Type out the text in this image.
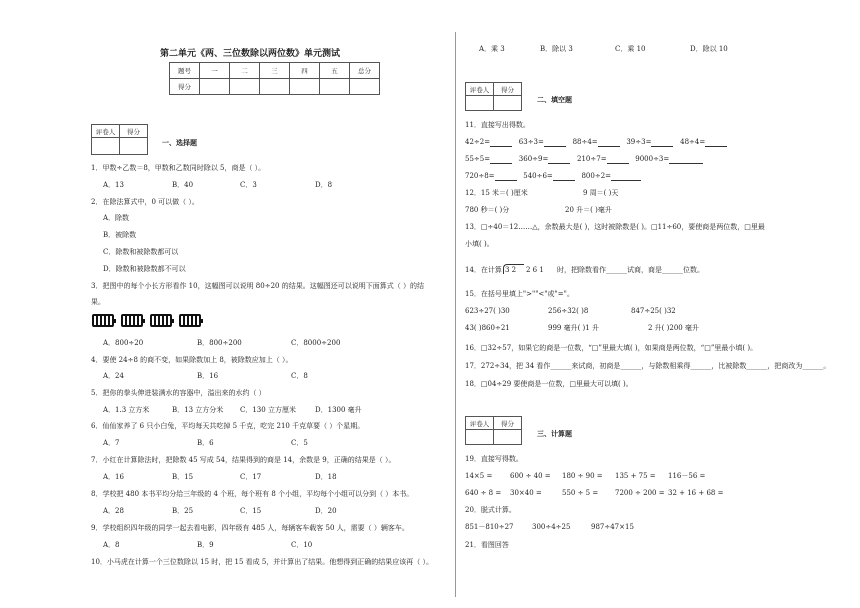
第二单元《两、三位数除以两位数》单元测试
题号	一	二	三	四	五	总分
得分						
评卷人	得分

一、选择题
1．甲数÷乙数＝8，甲数和乙数同时除以 5，商是（ ）。
A．13	B．40	C．3	D．8
2．在除法算式中，0 可以做（ ）。
A．除数
B．被除数
C．除数和被除数都可以
D．除数和被除数都不可以
3．把图中的每个小长方形看作 10，这幅图可以说明 80÷20 的结果。这幅图还可以说明下面算式（ ）的结
果。
A．800÷20	B．800÷200	C．8000÷200
4．要使 24÷8 的商不变，如果除数加上 8，被除数应加上（ ）。
A．24	B．16	C．8
5．把你的拳头伸进装满水的容器中，溢出来的水约（ ）
A．1.3 立方米	B．13 立方分米 C．130 立方厘米	D．1300 毫升
6．仙仙家养了 6 只小白兔，平均每天共吃掉 5 千克，吃完 210 千克草要（ ）个星期。
A．7	B．6	C．5
7．小红在计算除法时，把除数 45 写成 54，结果得到的商是 14，余数是 9，正确的结果是（ ）。
A．16	B．15	C．17	D．18
8．学校把 480 本书平均分给三年级的 4 个班，每个班有 8 个小组，平均每个小组可以分到（ ）本书。
A．28	B．25	C．15	D．20
9．学校组织四年级的同学一起去看电影，四年级有 485 人，每辆客车载客 50 人，需要（ ）辆客车。
A．8	B．9	C．10
10．小马虎在计算一个三位数除以 15 时，把 15 看成 5，并计算出了结果。他想得到正确的结果应该再（ ）。
A．乘 3	B．除以 3	C．乘 10	D．除以 10
评卷人	得分

二、填空题
11．直接写出得数。
42÷2=	63÷3=	88÷4=	39÷3=	48÷4=
55÷5=	360÷9=	210÷7=	9000÷3=
720÷8=	540÷6=	800÷2=
12．15 米＝( )厘米	9 周＝( )天
780 秒＝( )分	20 升＝( )毫升
13．□÷40＝12……△，余数最大是( )，这时被除数是( )。□11÷60，要使商是两位数，□里最
小填( )。
14．在计算 3 2 2 6 1 时，把除数看作______试商，商是______位数。
15．在括号里填上">""<"或"="。
623÷27( )30	256÷32( )8	847÷25( )32
43( )860÷21	999 毫升( )1 升	2 升( )200 毫升
16．□32÷57，如果它的商是一位数，“□”里最大填( )，如果商是两位数，“□”里最小填( )。
17．272÷34，把 34 看作______来试商，初商是______，与除数相乘得______，比被除数______，把商改为______。
18．□04÷29 要使商是一位数，□里最大可以填( )。
评卷人	得分

三、计算题
19．直接写得数。
14×5 =	600 ÷ 40 = 180 ÷ 90 = 135 + 75 = 116－56 =
640 ÷ 8 = 30×40 =	550 ÷ 5 = 7200 ÷ 200 = 32 + 16 + 68 =
20．脱式计算。
851－810÷27	300÷4÷25	987÷47×15
21．看图回答
